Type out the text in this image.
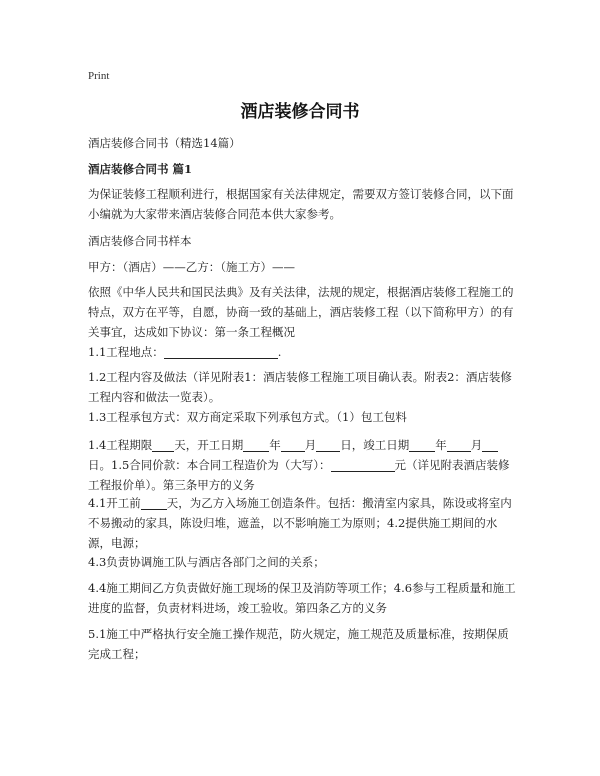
Print
酒店装修合同书
酒店装修合同书（精选14篇）
酒店装修合同书 篇1
为保证装修工程顺利进行，根据国家有关法律规定，需要双方签订装修合同，以下面小编就为大家带来酒店装修合同范本供大家参考。
酒店装修合同书样本
甲方：（酒店）——乙方：（施工方）——
依照《中华人民共和国民法典》及有关法律，法规的规定，根据酒店装修工程施工的特点，双方在平等，自愿，协商一致的基础上，酒店装修工程（以下简称甲方）的有关事宜，达成如下协议：第一条工程概况
1.1工程地点：	.
1.2工程内容及做法（详见附表1：酒店装修工程施工项目确认表。附表2：酒店装修工程内容和做法一览表）。
1.3工程承包方式：双方商定采取下列承包方式。（1）包工包料
1.4工程期限 天，开工日期 年 月 日，竣工日期 年 月日。1.5合同价款：本合同工程造价为（大写）：	元（详见附表酒店装修工程报价单）。第三条甲方的义务
4.1开工前 天，为乙方入场施工创造条件。包括：搬清室内家具，陈设或将室内不易搬动的家具，陈设归堆，遮盖，以不影响施工为原则；4.2提供施工期间的水源，电源；
4.3负责协调施工队与酒店各部门之间的关系；
4.4施工期间乙方负责做好施工现场的保卫及消防等项工作；4.6参与工程质量和施工进度的监督，负责材料进场，竣工验收。第四条乙方的义务
5.1施工中严格执行安全施工操作规范，防火规定，施工规范及质量标准，按期保质完成工程；
